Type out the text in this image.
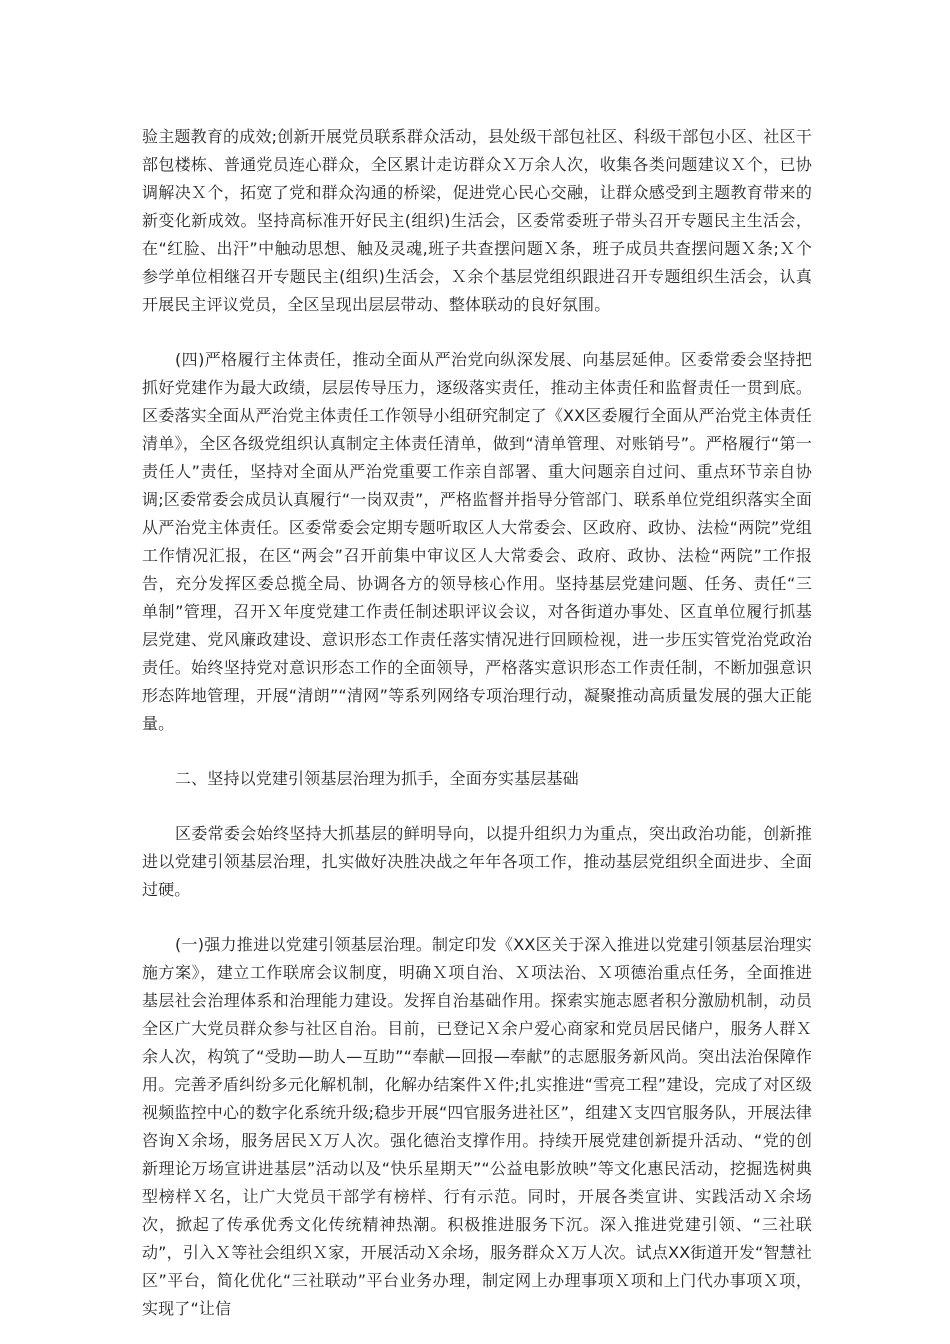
验主题教育的成效;创新开展党员联系群众活动，县处级干部包社区、科级干部包小区、社区干部包楼栋、普通党员连心群众，全区累计走访群众Ｘ万余人次，收集各类问题建议Ｘ个，已协调解决Ｘ个，拓宽了党和群众沟通的桥梁，促进党心民心交融，让群众感受到主题教育带来的新变化新成效。坚持高标准开好民主(组织)生活会，区委常委班子带头召开专题民主生活会，在“红脸、出汗”中触动思想、触及灵魂,班子共查摆问题Ｘ条，班子成员共查摆问题Ｘ条;Ｘ个参学单位相继召开专题民主(组织)生活会，Ｘ余个基层党组织跟进召开专题组织生活会，认真开展民主评议党员，全区呈现出层层带动、整体联动的良好氛围。

(四)严格履行主体责任，推动全面从严治党向纵深发展、向基层延伸。区委常委会坚持把抓好党建作为最大政绩，层层传导压力，逐级落实责任，推动主体责任和监督责任一贯到底。区委落实全面从严治党主体责任工作领导小组研究制定了《XX区委履行全面从严治党主体责任清单》，全区各级党组织认真制定主体责任清单，做到“清单管理、对账销号”。严格履行“第一责任人”责任，坚持对全面从严治党重要工作亲自部署、重大问题亲自过问、重点环节亲自协调;区委常委会成员认真履行“一岗双责”，严格监督并指导分管部门、联系单位党组织落实全面从严治党主体责任。区委常委会定期专题听取区人大常委会、区政府、政协、法检“两院”党组工作情况汇报，在区“两会”召开前集中审议区人大常委会、政府、政协、法检“两院”工作报告，充分发挥区委总揽全局、协调各方的领导核心作用。坚持基层党建问题、任务、责任“三单制”管理，召开Ｘ年度党建工作责任制述职评议会议，对各街道办事处、区直单位履行抓基层党建、党风廉政建设、意识形态工作责任落实情况进行回顾检视，进一步压实管党治党政治责任。始终坚持党对意识形态工作的全面领导，严格落实意识形态工作责任制，不断加强意识形态阵地管理，开展“清朗”“清网”等系列网络专项治理行动，凝聚推动高质量发展的强大正能量。

二、坚持以党建引领基层治理为抓手，全面夯实基层基础

区委常委会始终坚持大抓基层的鲜明导向，以提升组织力为重点，突出政治功能，创新推进以党建引领基层治理，扎实做好决胜决战之年年各项工作，推动基层党组织全面进步、全面过硬。

(一)强力推进以党建引领基层治理。制定印发《XX区关于深入推进以党建引领基层治理实施方案》，建立工作联席会议制度，明确Ｘ项自治、Ｘ项法治、Ｘ项德治重点任务，全面推进基层社会治理体系和治理能力建设。发挥自治基础作用。探索实施志愿者积分激励机制，动员全区广大党员群众参与社区自治。目前，已登记Ｘ余户爱心商家和党员居民储户，服务人群Ｘ余人次，构筑了“受助—助人—互助”“奉献—回报—奉献”的志愿服务新风尚。突出法治保障作用。完善矛盾纠纷多元化解机制，化解办结案件Ｘ件;扎实推进“雪亮工程”建设，完成了对区级视频监控中心的数字化系统升级;稳步开展“四官服务进社区”，组建Ｘ支四官服务队，开展法律咨询Ｘ余场，服务居民Ｘ万人次。强化德治支撑作用。持续开展党建创新提升活动、“党的创新理论万场宣讲进基层”活动以及“快乐星期天”“公益电影放映”等文化惠民活动，挖掘选树典型榜样Ｘ名，让广大党员干部学有榜样、行有示范。同时，开展各类宣讲、实践活动Ｘ余场次，掀起了传承优秀文化传统精神热潮。积极推进服务下沉。深入推进党建引领、“三社联动”，引入Ｘ等社会组织Ｘ家，开展活动Ｘ余场，服务群众Ｘ万人次。试点XX街道开发“智慧社区”平台，简化优化“三社联动”平台业务办理，制定网上办理事项Ｘ项和上门代办事项Ｘ项，实现了“让信
